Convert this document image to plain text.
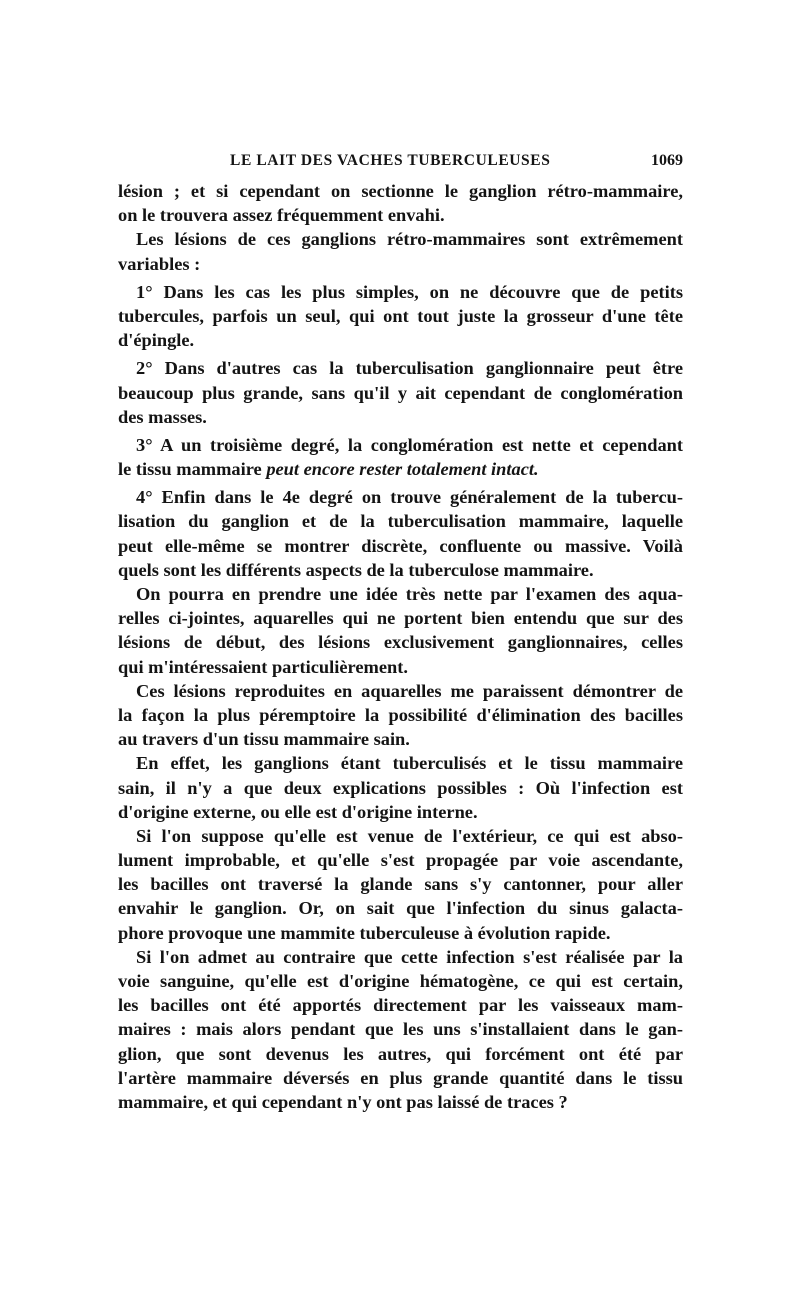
LE LAIT DES VACHES TUBERCULEUSES	1069
lésion ; et si cependant on sectionne le ganglion rétro-mammaire,
on le trouvera assez fréquemment envahi.
Les lésions de ces ganglions rétro-mammaires sont extrêmement
variables :
1° Dans les cas les plus simples, on ne découvre que de petits
tubercules, parfois un seul, qui ont tout juste la grosseur d'une tête
d'épingle.
2° Dans d'autres cas la tuberculisation ganglionnaire peut être
beaucoup plus grande, sans qu'il y ait cependant de conglomération
des masses.
3° A un troisième degré, la conglomération est nette et cependant
le tissu mammaire peut encore rester totalement intact.
4° Enfin dans le 4e degré on trouve généralement de la tubercu-
lisation du ganglion et de la tuberculisation mammaire, laquelle
peut elle-même se montrer discrète, confluente ou massive. Voilà
quels sont les différents aspects de la tuberculose mammaire.
On pourra en prendre une idée très nette par l'examen des aqua-
relles ci-jointes, aquarelles qui ne portent bien entendu que sur des
lésions de début, des lésions exclusivement ganglionnaires, celles
qui m'intéressaient particulièrement.
Ces lésions reproduites en aquarelles me paraissent démontrer de
la façon la plus péremptoire la possibilité d'élimination des bacilles
au travers d'un tissu mammaire sain.
En effet, les ganglions étant tuberculisés et le tissu mammaire
sain, il n'y a que deux explications possibles : Où l'infection est
d'origine externe, ou elle est d'origine interne.
Si l'on suppose qu'elle est venue de l'extérieur, ce qui est abso-
lument improbable, et qu'elle s'est propagée par voie ascendante,
les bacilles ont traversé la glande sans s'y cantonner, pour aller
envahir le ganglion. Or, on sait que l'infection du sinus galacta-
phore provoque une mammite tuberculeuse à évolution rapide.
Si l'on admet au contraire que cette infection s'est réalisée par la
voie sanguine, qu'elle est d'origine hématogène, ce qui est certain,
les bacilles ont été apportés directement par les vaisseaux mam-
maires : mais alors pendant que les uns s'installaient dans le gan-
glion, que sont devenus les autres, qui forcément ont été par
l'artère mammaire déversés en plus grande quantité dans le tissu
mammaire, et qui cependant n'y ont pas laissé de traces ?
